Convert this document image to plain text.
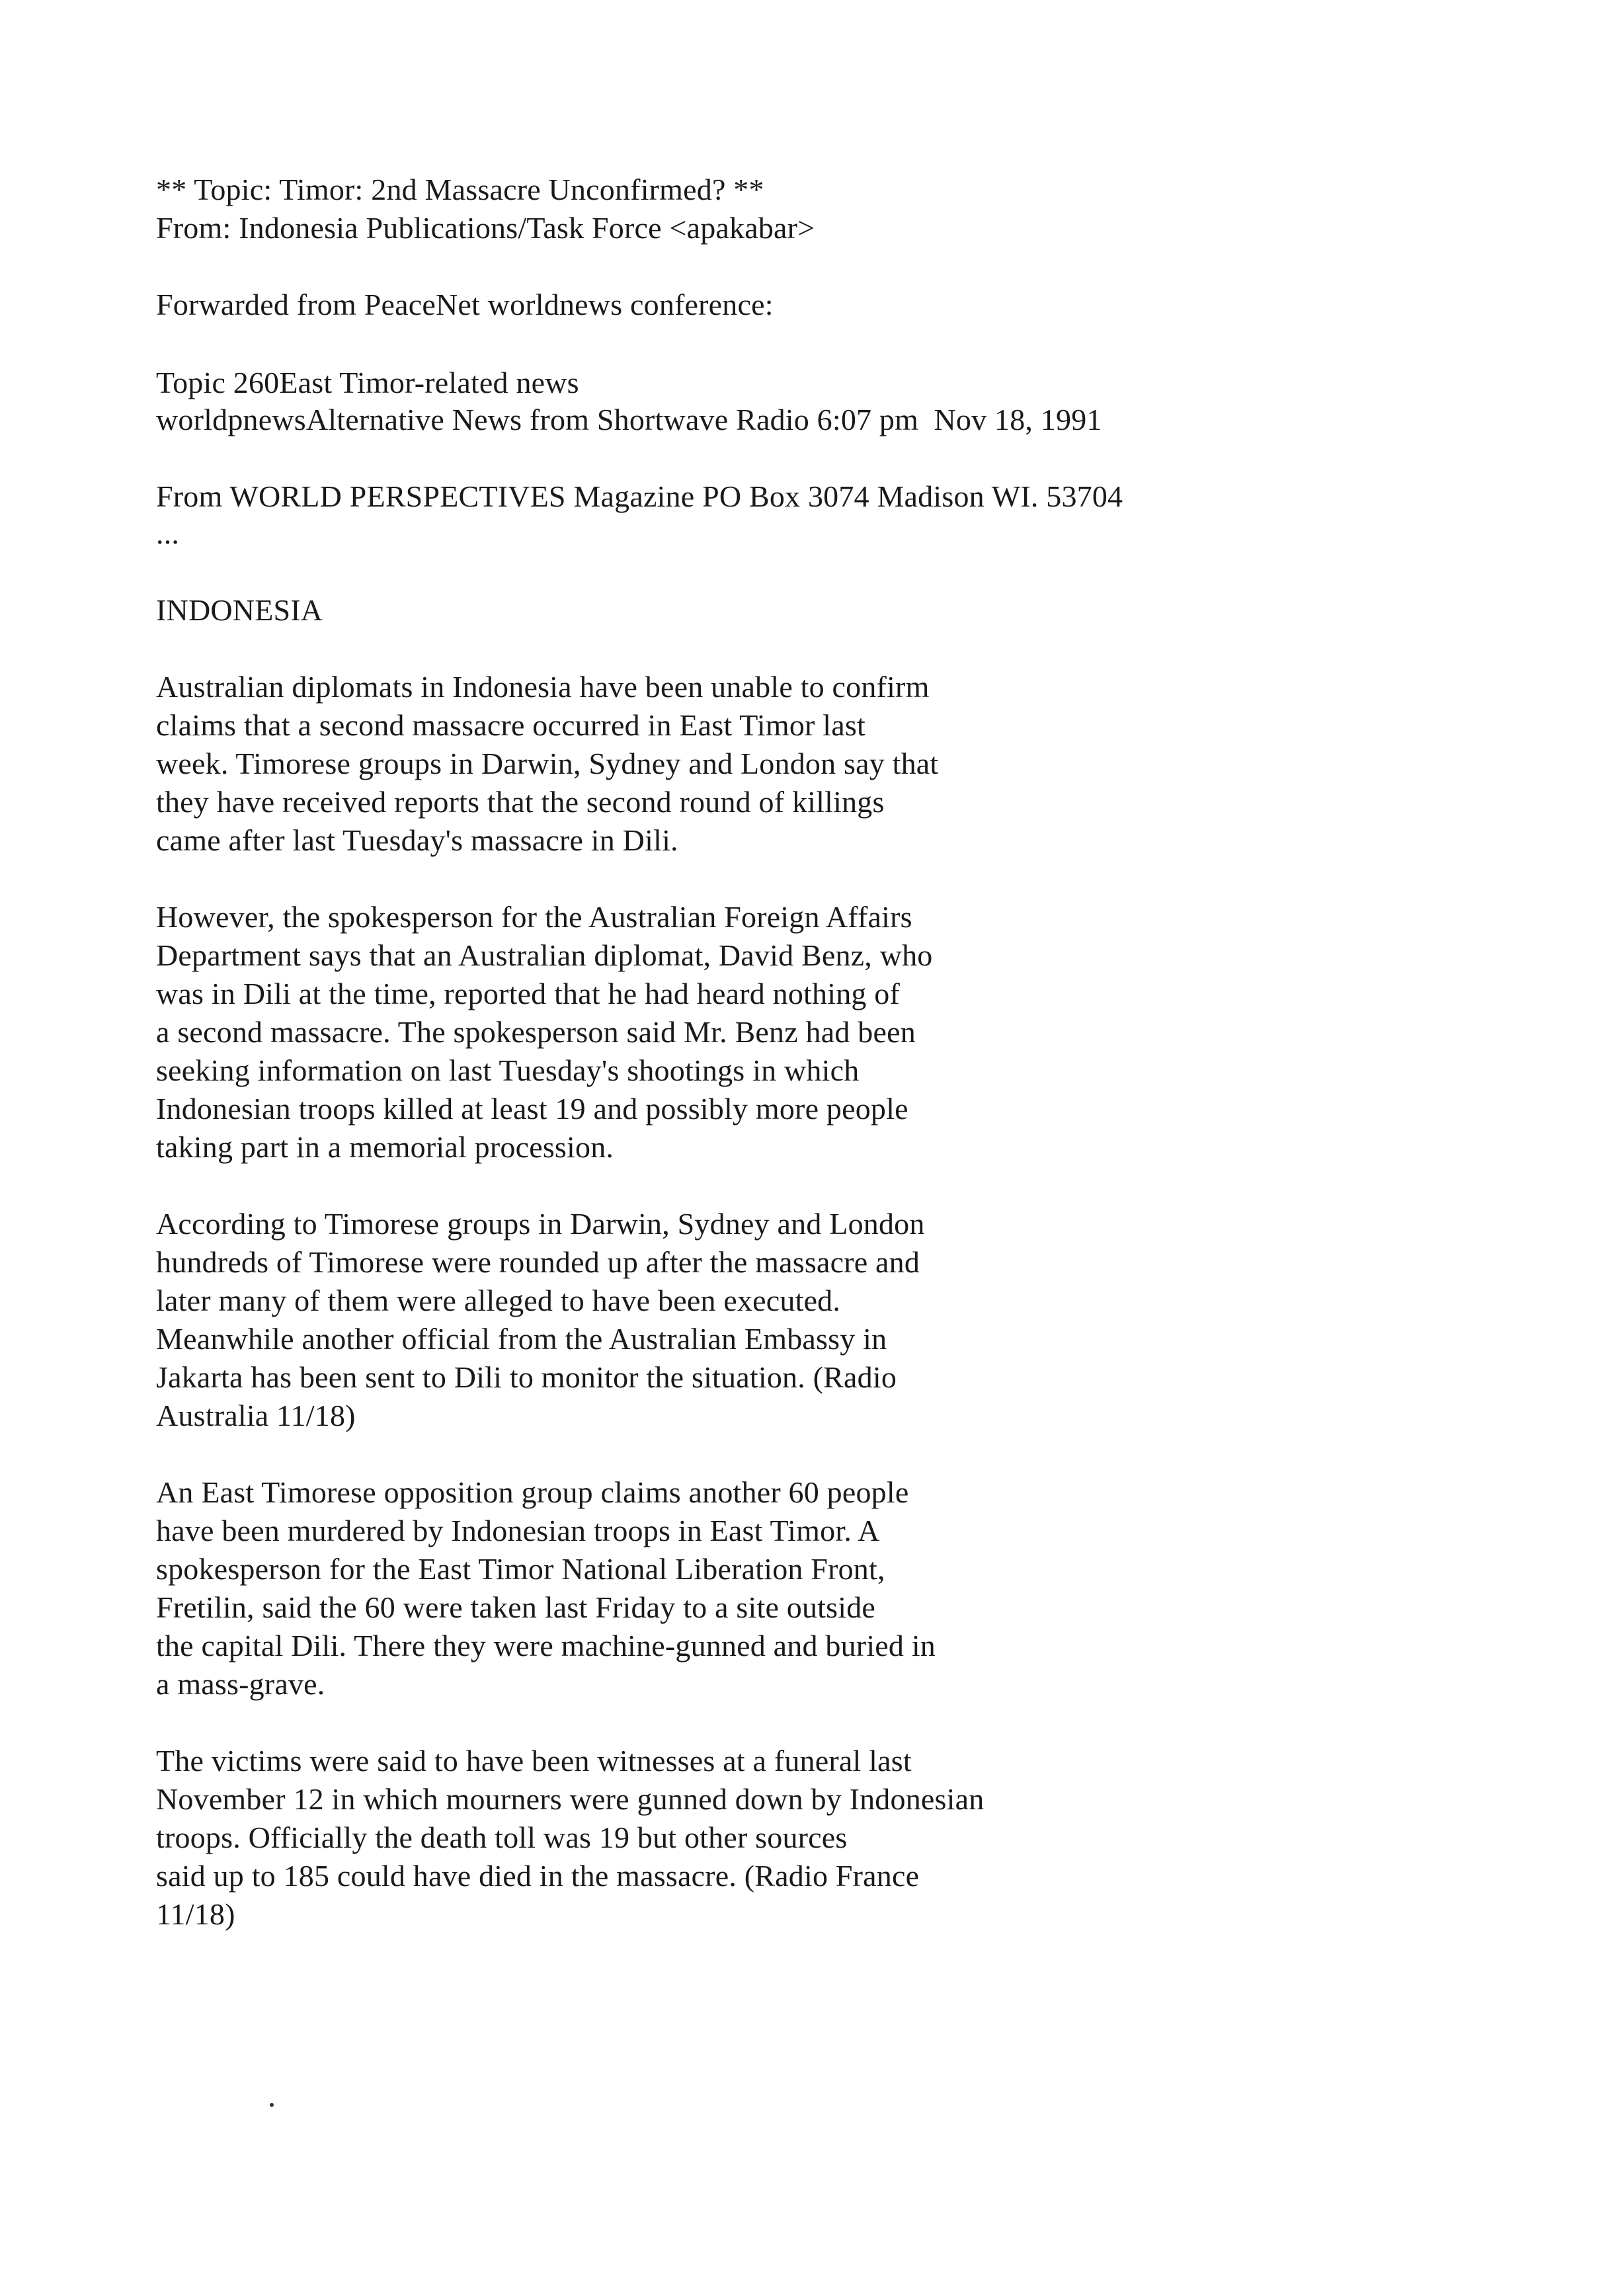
** Topic: Timor: 2nd Massacre Unconfirmed? **
From: Indonesia Publications/Task Force <apakabar>
Forwarded from PeaceNet worldnews conference:
Topic 260East Timor-related news
worldpnewsAlternative News from Shortwave Radio 6:07 pm  Nov 18, 1991
From WORLD PERSPECTIVES Magazine PO Box 3074 Madison WI. 53704
...
INDONESIA
Australian diplomats in Indonesia have been unable to confirm
claims that a second massacre occurred in East Timor last
week. Timorese groups in Darwin, Sydney and London say that
they have received reports that the second round of killings
came after last Tuesday's massacre in Dili.
However, the spokesperson for the Australian Foreign Affairs
Department says that an Australian diplomat, David Benz, who
was in Dili at the time, reported that he had heard nothing of
a second massacre. The spokesperson said Mr. Benz had been
seeking information on last Tuesday's shootings in which
Indonesian troops killed at least 19 and possibly more people
taking part in a memorial procession.
According to Timorese groups in Darwin, Sydney and London
hundreds of Timorese were rounded up after the massacre and
later many of them were alleged to have been executed.
Meanwhile another official from the Australian Embassy in
Jakarta has been sent to Dili to monitor the situation. (Radio
Australia 11/18)
An East Timorese opposition group claims another 60 people
have been murdered by Indonesian troops in East Timor. A
spokesperson for the East Timor National Liberation Front,
Fretilin, said the 60 were taken last Friday to a site outside
the capital Dili. There they were machine-gunned and buried in
a mass-grave.
The victims were said to have been witnesses at a funeral last
November 12 in which mourners were gunned down by Indonesian
troops. Officially the death toll was 19 but other sources
said up to 185 could have died in the massacre. (Radio France
11/18)
